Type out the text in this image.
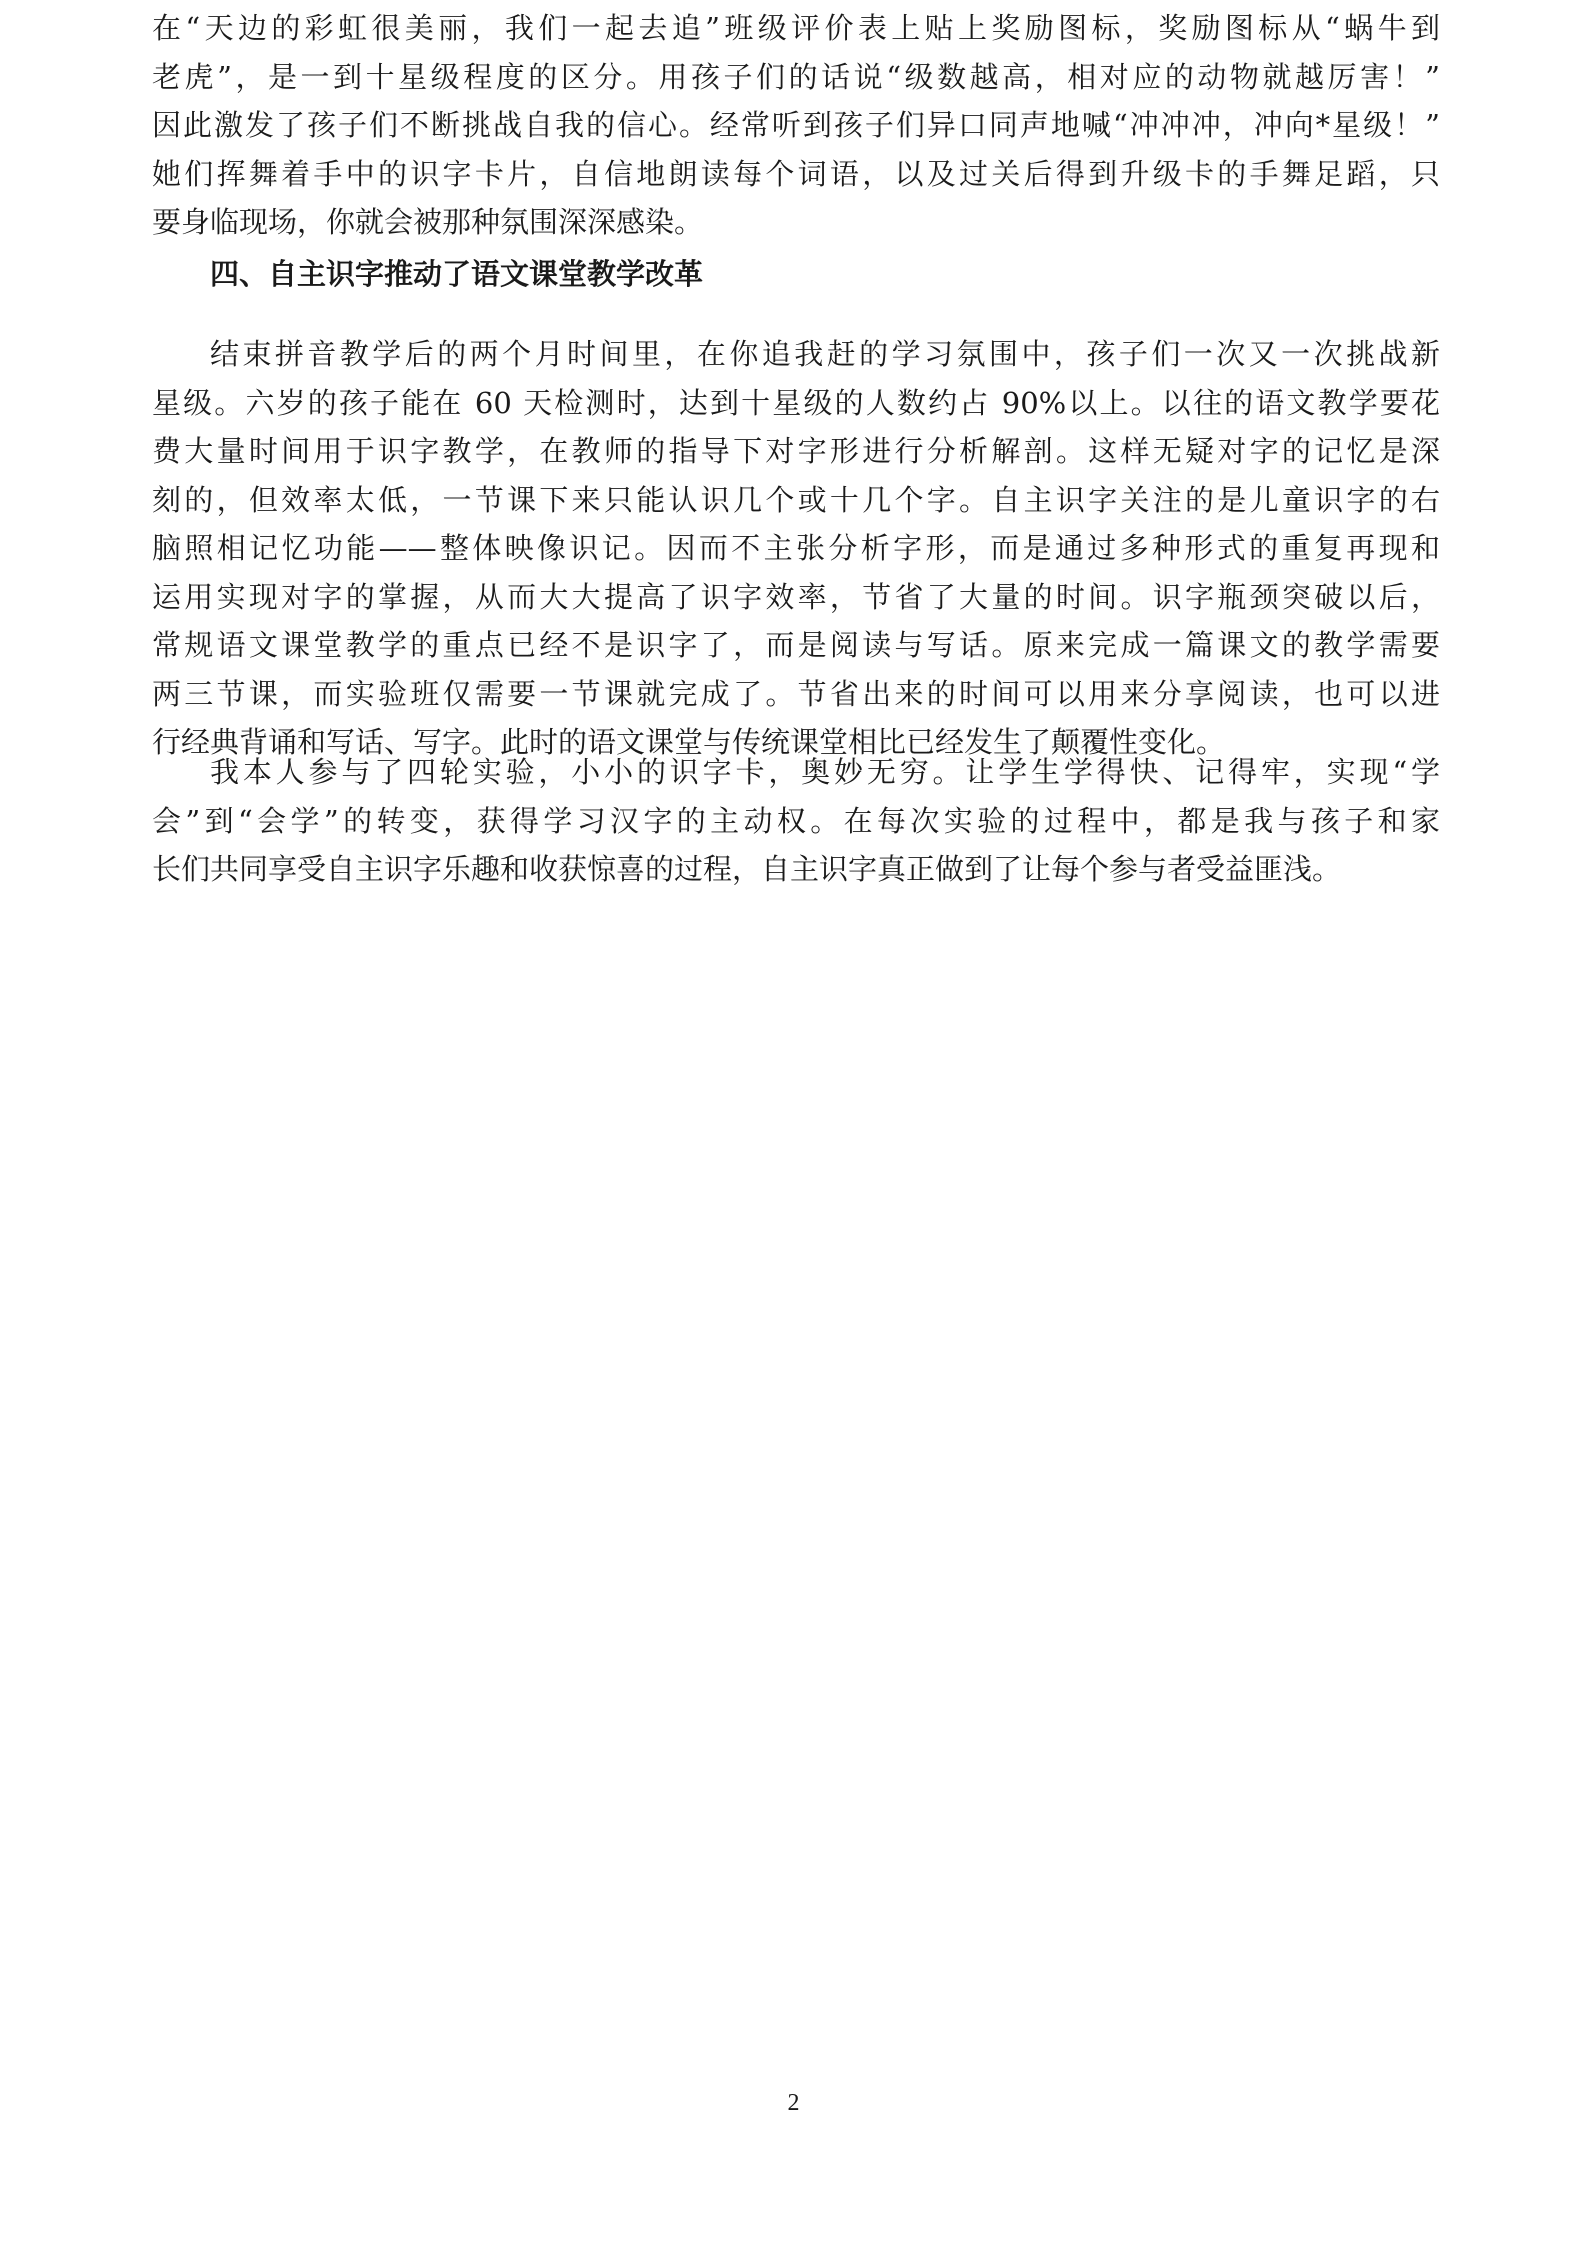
在“天边的彩虹很美丽，我们一起去追”班级评价表上贴上奖励图标，奖励图标从“蜗牛到
老虎”，是一到十星级程度的区分。用孩子们的话说“级数越高，相对应的动物就越厉害！”
因此激发了孩子们不断挑战自我的信心。经常听到孩子们异口同声地喊“冲冲冲，冲向*星级！”
她们挥舞着手中的识字卡片，自信地朗读每个词语，以及过关后得到升级卡的手舞足蹈，只
要身临现场，你就会被那种氛围深深感染。
四、自主识字推动了语文课堂教学改革
结束拼音教学后的两个月时间里，在你追我赶的学习氛围中，孩子们一次又一次挑战新
星级。六岁的孩子能在 60 天检测时，达到十星级的人数约占 90%以上。以往的语文教学要花
费大量时间用于识字教学，在教师的指导下对字形进行分析解剖。这样无疑对字的记忆是深
刻的，但效率太低，一节课下来只能认识几个或十几个字。自主识字关注的是儿童识字的右
脑照相记忆功能——整体映像识记。因而不主张分析字形，而是通过多种形式的重复再现和
运用实现对字的掌握，从而大大提高了识字效率，节省了大量的时间。识字瓶颈突破以后，
常规语文课堂教学的重点已经不是识字了，而是阅读与写话。原来完成一篇课文的教学需要
两三节课，而实验班仅需要一节课就完成了。节省出来的时间可以用来分享阅读，也可以进
行经典背诵和写话、写字。此时的语文课堂与传统课堂相比已经发生了颠覆性变化。
我本人参与了四轮实验，小小的识字卡，奥妙无穷。让学生学得快、记得牢，实现“学
会”到“会学”的转变，获得学习汉字的主动权。在每次实验的过程中，都是我与孩子和家
长们共同享受自主识字乐趣和收获惊喜的过程，自主识字真正做到了让每个参与者受益匪浅。
2
